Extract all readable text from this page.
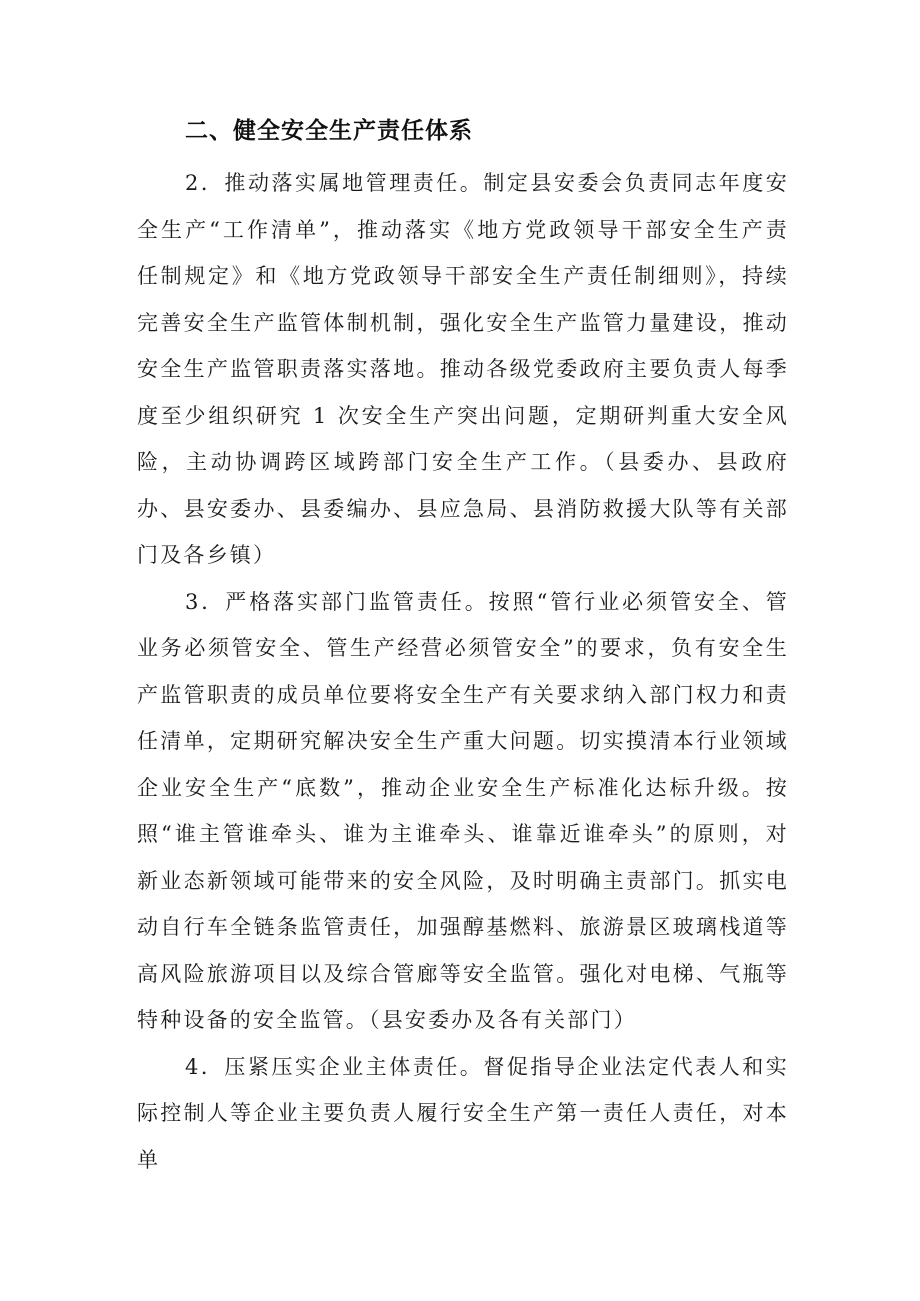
二、健全安全生产责任体系

2．推动落实属地管理责任。制定县安委会负责同志年度安全生产“工作清单”，推动落实《地方党政领导干部安全生产责任制规定》和《地方党政领导干部安全生产责任制细则》，持续完善安全生产监管体制机制，强化安全生产监管力量建设，推动安全生产监管职责落实落地。推动各级党委政府主要负责人每季度至少组织研究 1 次安全生产突出问题，定期研判重大安全风险，主动协调跨区域跨部门安全生产工作。（县委办、县政府办、县安委办、县委编办、县应急局、县消防救援大队等有关部门及各乡镇）

3．严格落实部门监管责任。按照“管行业必须管安全、管业务必须管安全、管生产经营必须管安全”的要求，负有安全生产监管职责的成员单位要将安全生产有关要求纳入部门权力和责任清单，定期研究解决安全生产重大问题。切实摸清本行业领域企业安全生产“底数”，推动企业安全生产标准化达标升级。按照“谁主管谁牵头、谁为主谁牵头、谁靠近谁牵头”的原则，对新业态新领域可能带来的安全风险，及时明确主责部门。抓实电动自行车全链条监管责任，加强醇基燃料、旅游景区玻璃栈道等高风险旅游项目以及综合管廊等安全监管。强化对电梯、气瓶等特种设备的安全监管。（县安委办及各有关部门）

4．压紧压实企业主体责任。督促指导企业法定代表人和实际控制人等企业主要负责人履行安全生产第一责任人责任，对本单
